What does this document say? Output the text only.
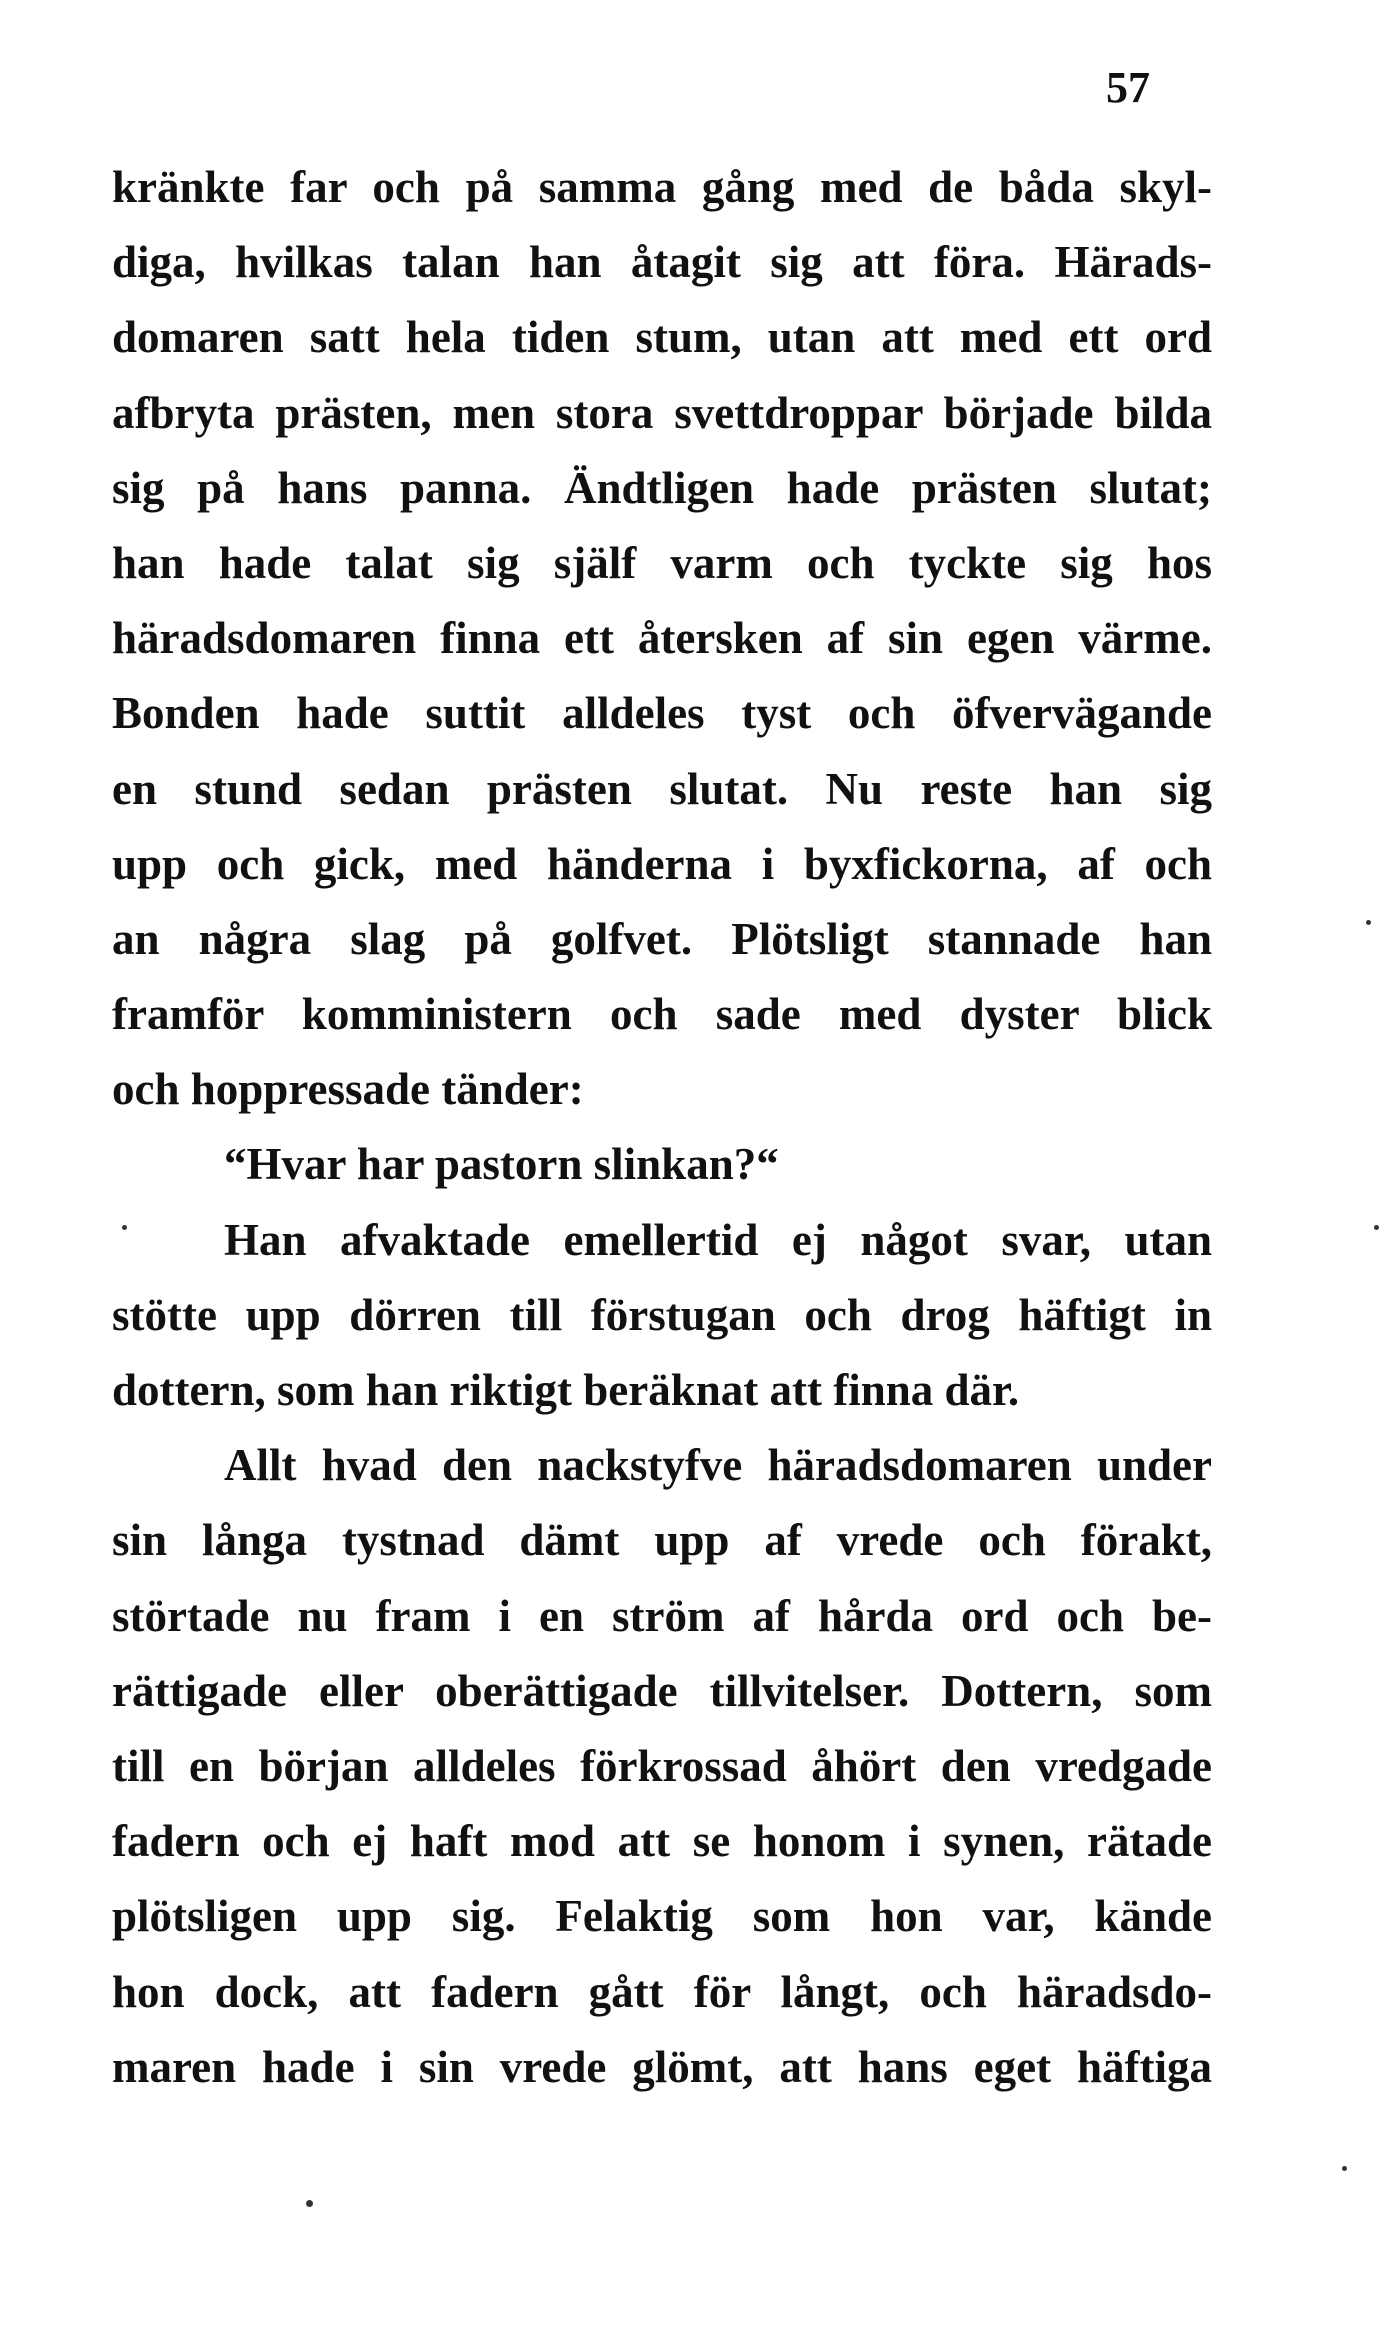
57
kränkte far och på samma gång med de båda skyl-
diga, hvilkas talan han åtagit sig att föra. Härads-
domaren satt hela tiden stum, utan att med ett ord
afbryta prästen, men stora svettdroppar började bilda
sig på hans panna. Ändtligen hade prästen slutat;
han hade talat sig själf varm och tyckte sig hos
häradsdomaren finna ett återsken af sin egen värme.
Bonden hade suttit alldeles tyst och öfvervägande
en stund sedan prästen slutat. Nu reste han sig
upp och gick, med händerna i byxfickorna, af och
an några slag på golfvet. Plötsligt stannade han
framför komministern och sade med dyster blick
och hoppressade tänder:
“Hvar har pastorn slinkan?“
Han afvaktade emellertid ej något svar, utan
stötte upp dörren till förstugan och drog häftigt in
dottern, som han riktigt beräknat att finna där.
Allt hvad den nackstyfve häradsdomaren under
sin långa tystnad dämt upp af vrede och förakt,
störtade nu fram i en ström af hårda ord och be-
rättigade eller oberättigade tillvitelser. Dottern, som
till en början alldeles förkrossad åhört den vredgade
fadern och ej haft mod att se honom i synen, rätade
plötsligen upp sig. Felaktig som hon var, kände
hon dock, att fadern gått för långt, och häradsdo-
maren hade i sin vrede glömt, att hans eget häftiga
